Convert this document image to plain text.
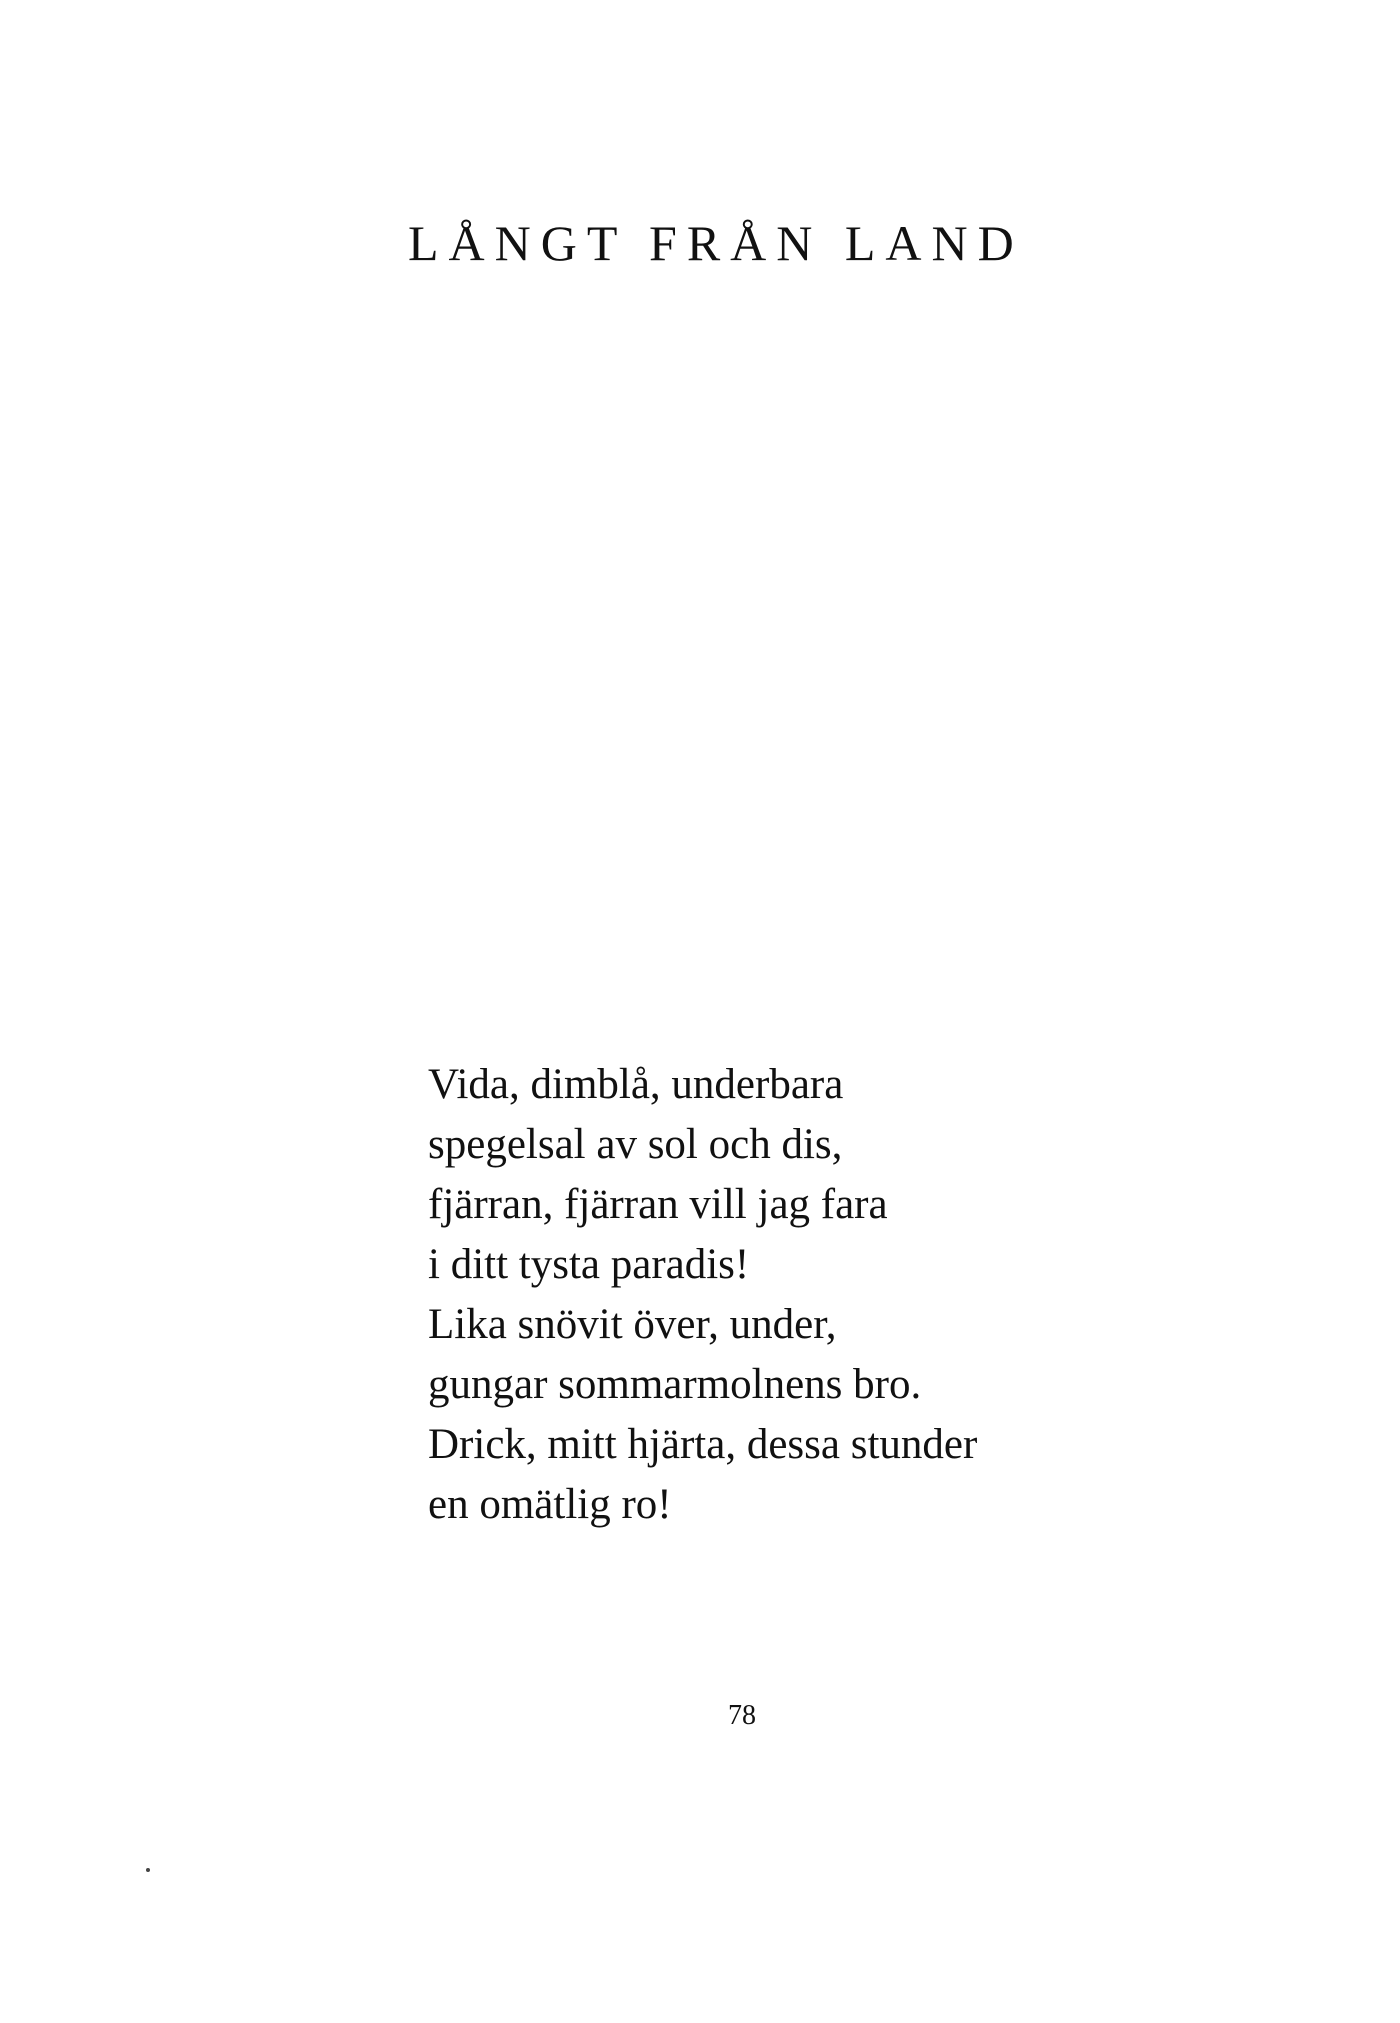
LÅNGT FRÅN LAND
Vida, dimblå, underbara
spegelsal av sol och dis,
fjärran, fjärran vill jag fara
i ditt tysta paradis!
Lika snövit över, under,
gungar sommarmolnens bro.
Drick, mitt hjärta, dessa stunder
en omätlig ro!
78
